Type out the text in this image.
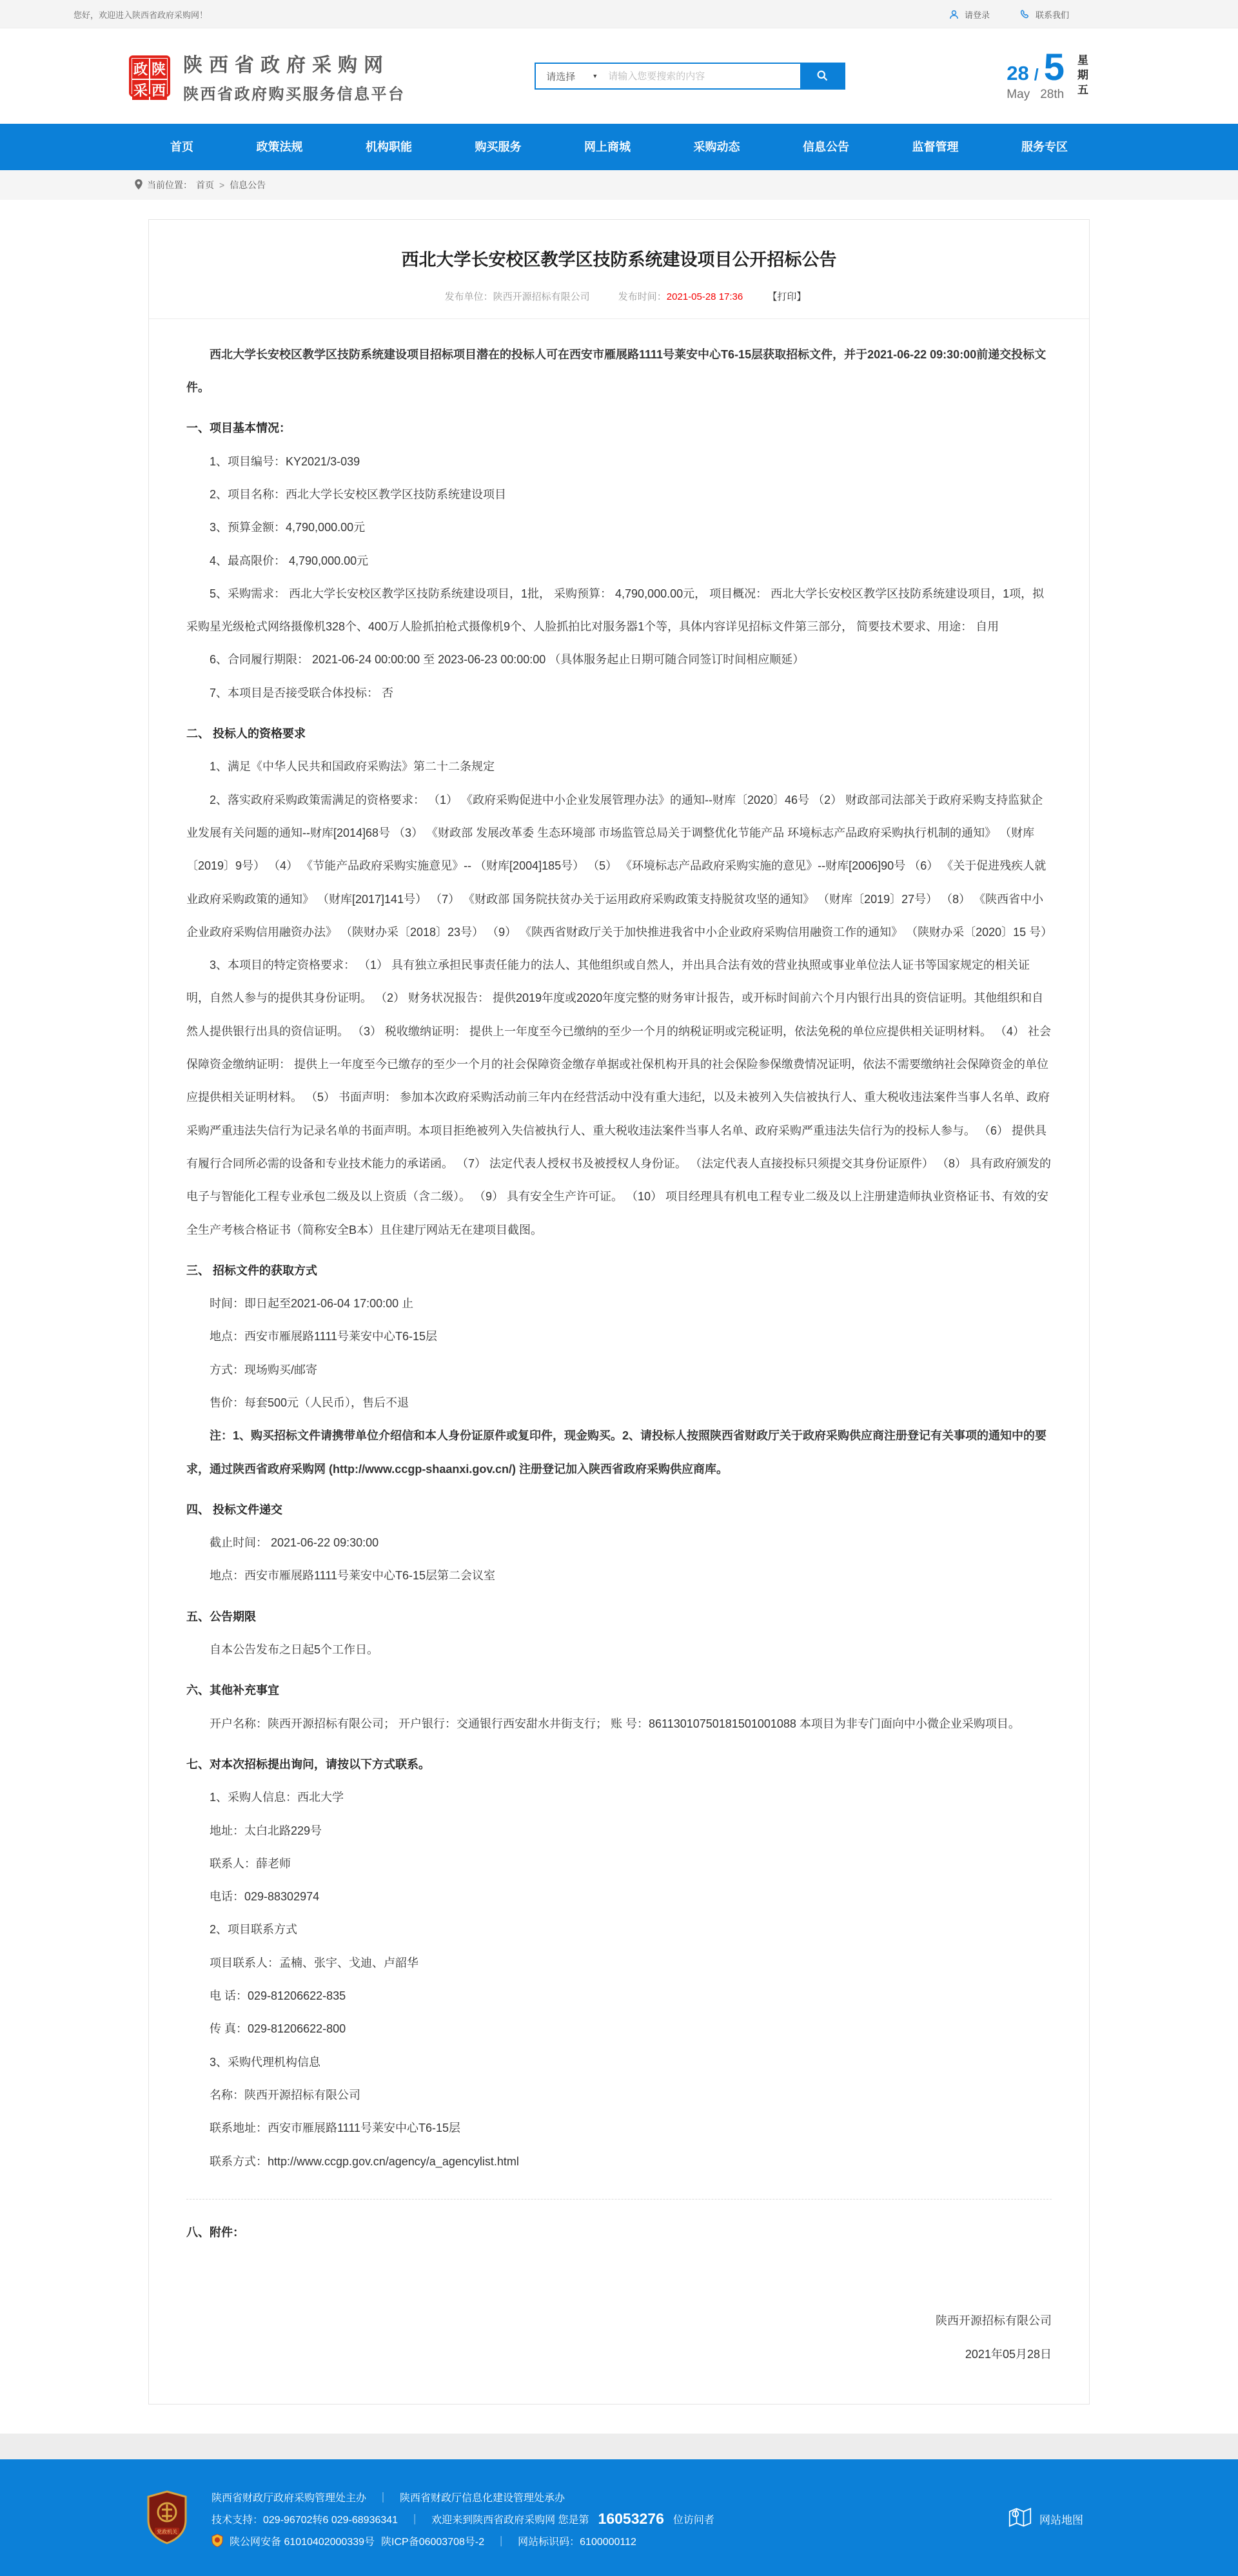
您好，欢迎进入陕西省政府采购网！	请登录	联系我们
政 陕
采 西
陕西省政府采购网
陕西省政府购买服务信息平台
请选择	▼
请输入您要搜索的内容	28 / 5
May 28th 星期五
首页	政策法规	机构职能	购买服务	网上商城	采购动态	信息公告	监督管理	服务专区
当前位置： 首页 > 信息公告
西北大学长安校区教学区技防系统建设项目公开招标公告
发布单位：陕西开源招标有限公司	发布时间：2021-05-28 17:36	【打印】

西北大学长安校区教学区技防系统建设项目招标项目潜在的投标人可在西安市雁展路1111号莱安中心T6-15层获取招标文件，并于2021-06-22 09:30:00前递交投标文件。

一、项目基本情况：

1、项目编号：KY2021/3-039

2、项目名称：西北大学长安校区教学区技防系统建设项目

3、预算金额：4,790,000.00元

4、最高限价： 4,790,000.00元

5、采购需求： 西北大学长安校区教学区技防系统建设项目，1批， 采购预算： 4,790,000.00元， 项目概况： 西北大学长安校区教学区技防系统建设项目，1项，拟采购星光级枪式网络摄像机328个、400万人脸抓拍枪式摄像机9个、人脸抓拍比对服务器1个等，具体内容详见招标文件第三部分， 简要技术要求、用途： 自用

6、合同履行期限： 2021-06-24 00:00:00 至 2023-06-23 00:00:00 （具体服务起止日期可随合同签订时间相应顺延）

7、本项目是否接受联合体投标： 否

二、 投标人的资格要求

1、满足《中华人民共和国政府采购法》第二十二条规定

2、落实政府采购政策需满足的资格要求： （1） 《政府采购促进中小企业发展管理办法》的通知--财库〔2020〕46号 （2） 财政部司法部关于政府采购支持监狱企业发展有关问题的通知--财库[2014]68号 （3） 《财政部 发展改革委 生态环境部 市场监管总局关于调整优化节能产品 环境标志产品政府采购执行机制的通知》 （财库〔2019〕9号） （4） 《节能产品政府采购实施意见》-- （财库[2004]185号） （5） 《环境标志产品政府采购实施的意见》--财库[2006]90号 （6） 《关于促进残疾人就业政府采购政策的通知》 （财库[2017]141号） （7） 《财政部 国务院扶贫办关于运用政府采购政策支持脱贫攻坚的通知》 （财库〔2019〕27号） （8） 《陕西省中小企业政府采购信用融资办法》 （陕财办采〔2018〕23号） （9） 《陕西省财政厅关于加快推进我省中小企业政府采购信用融资工作的通知》 （陕财办采〔2020〕15 号）

3、本项目的特定资格要求： （1） 具有独立承担民事责任能力的法人、其他组织或自然人，并出具合法有效的营业执照或事业单位法人证书等国家规定的相关证明，自然人参与的提供其身份证明。 （2） 财务状况报告： 提供2019年度或2020年度完整的财务审计报告，或开标时间前六个月内银行出具的资信证明。其他组织和自然人提供银行出具的资信证明。 （3） 税收缴纳证明： 提供上一年度至今已缴纳的至少一个月的纳税证明或完税证明，依法免税的单位应提供相关证明材料。 （4） 社会保障资金缴纳证明： 提供上一年度至今已缴存的至少一个月的社会保障资金缴存单据或社保机构开具的社会保险参保缴费情况证明，依法不需要缴纳社会保障资金的单位应提供相关证明材料。 （5） 书面声明： 参加本次政府采购活动前三年内在经营活动中没有重大违纪，以及未被列入失信被执行人、重大税收违法案件当事人名单、政府采购严重违法失信行为记录名单的书面声明。本项目拒绝被列入失信被执行人、重大税收违法案件当事人名单、政府采购严重违法失信行为的投标人参与。 （6） 提供具有履行合同所必需的设备和专业技术能力的承诺函。 （7） 法定代表人授权书及被授权人身份证。 （法定代表人直接投标只须提交其身份证原件） （8） 具有政府颁发的电子与智能化工程专业承包二级及以上资质（含二级）。 （9） 具有安全生产许可证。 （10） 项目经理具有机电工程专业二级及以上注册建造师执业资格证书、有效的安全生产考核合格证书（简称安全B本）且住建厅网站无在建项目截图。

三、 招标文件的获取方式

时间：即日起至2021-06-04 17:00:00 止

地点：西安市雁展路1111号莱安中心T6-15层

方式：现场购买/邮寄

售价：每套500元（人民币），售后不退

注：1、购买招标文件请携带单位介绍信和本人身份证原件或复印件，现金购买。2、请投标人按照陕西省财政厅关于政府采购供应商注册登记有关事项的通知中的要求，通过陕西省政府采购网 (http://www.ccgp-shaanxi.gov.cn/) 注册登记加入陕西省政府采购供应商库。

四、 投标文件递交

截止时间： 2021-06-22 09:30:00

地点：西安市雁展路1111号莱安中心T6-15层第二会议室

五、公告期限

自本公告发布之日起5个工作日。

六、其他补充事宜

开户名称：陕西开源招标有限公司； 开户银行：交通银行西安甜水井街支行； 账 号：86113010750181501001088 本项目为非专门面向中小微企业采购项目。

七、对本次招标提出询问，请按以下方式联系。

1、采购人信息：西北大学

地址：太白北路229号

联系人：薛老师

电话：029-88302974

2、项目联系方式

项目联系人：孟楠、张宇、戈迪、卢韶华

电 话：029-81206622-835

传 真：029-81206622-800

3、采购代理机构信息

名称：陕西开源招标有限公司

联系地址：西安市雁展路1111号莱安中心T6-15层

联系方式：http://www.ccgp.gov.cn/agency/a_agencylist.html

八、附件：

陕西开源招标有限公司

2021年05月28日

党政机关
陕西省财政厅政府采购管理处主办 ｜ 陕西省财政厅信息化建设管理处承办
技术支持：029-96702转6 029-68936341 ｜ 欢迎来到陕西省政府采购网 您是第 16053276 位访问者
陕公网安备 61010402000339号 陕ICP备06003708号-2 ｜ 网站标识码：6100000112
网站地图
